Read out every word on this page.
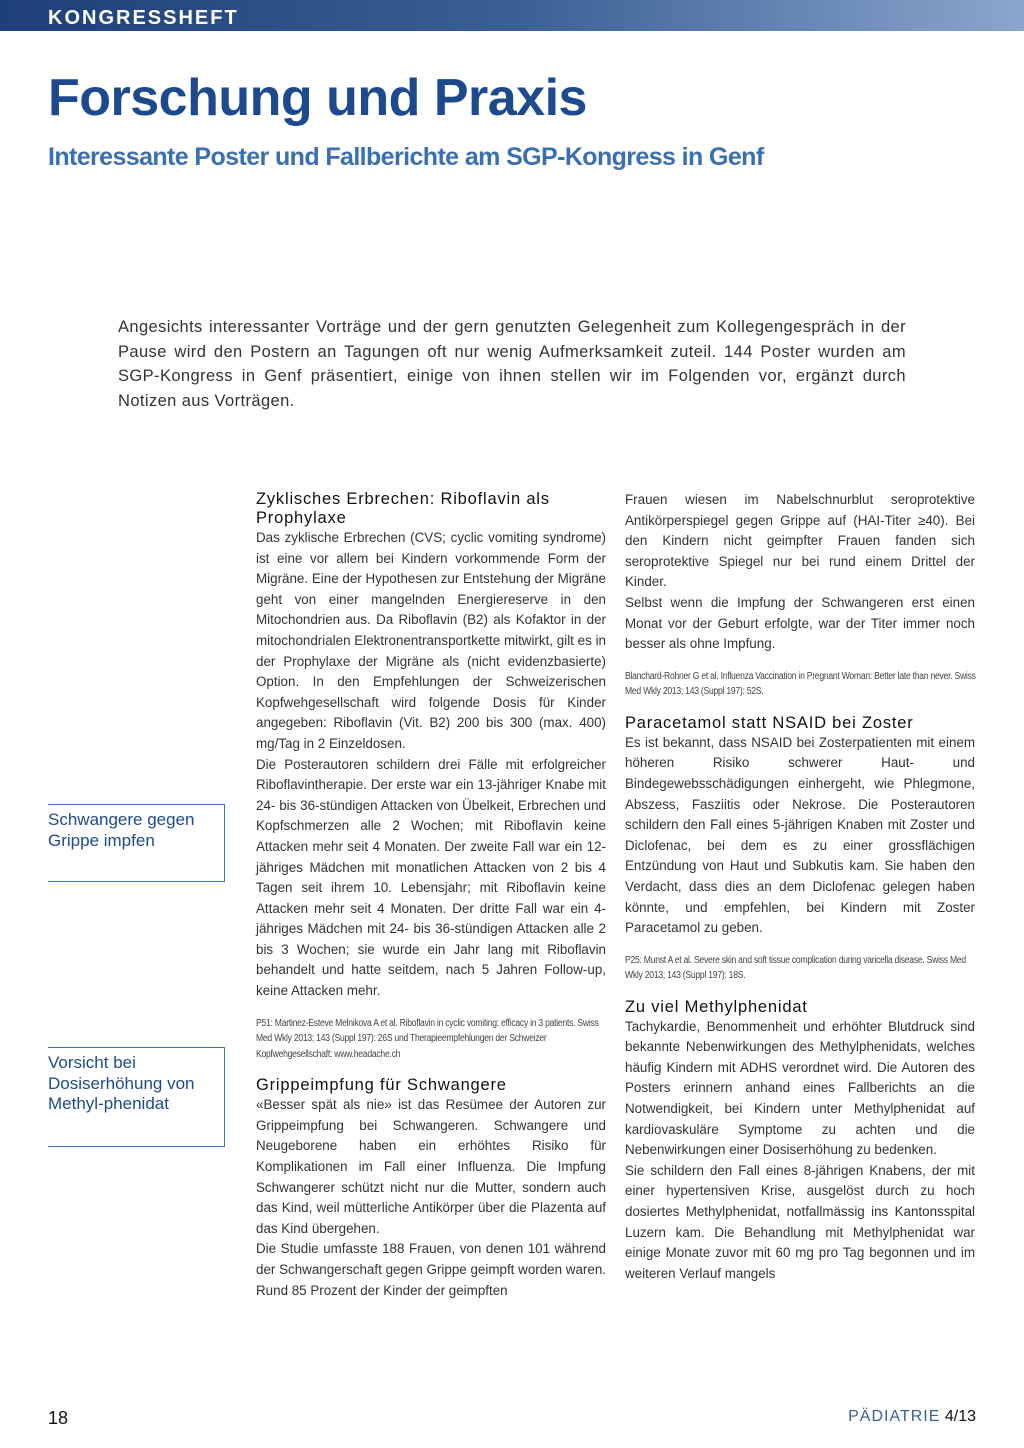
KONGRESSHEFT
Forschung und Praxis
Interessante Poster und Fallberichte am SGP-Kongress in Genf

Angesichts interessanter Vorträge und der gern genutzten Gelegenheit zum Kollegengespräch in der Pause wird den Postern an Tagungen oft nur wenig Aufmerksamkeit zuteil. 144 Poster wurden am SGP-Kongress in Genf präsentiert, einige von ihnen stellen wir im Folgenden vor, ergänzt durch Notizen aus Vorträgen.

Schwangere gegen Grippe impfen

Vorsicht bei Dosiserhöhung von Methyl-phenidat

Zyklisches Erbrechen: Riboflavin als Prophylaxe

Das zyklische Erbrechen (CVS; cyclic vomiting syndrome) ist eine vor allem bei Kindern vorkommende Form der Migräne. Eine der Hypothesen zur Entstehung der Migräne geht von einer mangelnden Energiereserve in den Mitochondrien aus. Da Riboflavin (B2) als Kofaktor in der mitochondrialen Elektronentransportkette mitwirkt, gilt es in der Prophylaxe der Migräne als (nicht evidenzbasierte) Option. In den Empfehlungen der Schweizerischen Kopfwehgesellschaft wird folgende Dosis für Kinder angegeben: Riboflavin (Vit. B2) 200 bis 300 (max. 400) mg/Tag in 2 Einzeldosen.

Die Posterautoren schildern drei Fälle mit erfolgreicher Riboflavintherapie. Der erste war ein 13-jähriger Knabe mit 24- bis 36-stündigen Attacken von Übelkeit, Erbrechen und Kopfschmerzen alle 2 Wochen; mit Riboflavin keine Attacken mehr seit 4 Monaten. Der zweite Fall war ein 12-jähriges Mädchen mit monatlichen Attacken von 2 bis 4 Tagen seit ihrem 10. Lebensjahr; mit Riboflavin keine Attacken mehr seit 4 Monaten. Der dritte Fall war ein 4-jähriges Mädchen mit 24- bis 36-stündigen Attacken alle 2 bis 3 Wochen; sie wurde ein Jahr lang mit Riboflavin behandelt und hatte seitdem, nach 5 Jahren Follow-up, keine Attacken mehr.

P51: Martinez-Esteve Melnikova A et al. Riboflavin in cyclic vomiting: efficacy in 3 patients. Swiss Med Wkly 2013; 143 (Suppl 197): 26S und Therapieempfehlungen der Schweizer Kopfwehgesellschaft: www.headache.ch

Grippeimpfung für Schwangere

«Besser spät als nie» ist das Resümee der Autoren zur Grippeimpfung bei Schwangeren. Schwangere und Neugeborene haben ein erhöhtes Risiko für Komplikationen im Fall einer Influenza. Die Impfung Schwangerer schützt nicht nur die Mutter, sondern auch das Kind, weil mütterliche Antikörper über die Plazenta auf das Kind übergehen.

Die Studie umfasste 188 Frauen, von denen 101 während der Schwangerschaft gegen Grippe geimpft worden waren. Rund 85 Prozent der Kinder der geimpften

Frauen wiesen im Nabelschnurblut seroprotektive Antikörperspiegel gegen Grippe auf (HAI-Titer ≥40). Bei den Kindern nicht geimpfter Frauen fanden sich seroprotektive Spiegel nur bei rund einem Drittel der Kinder.

Selbst wenn die Impfung der Schwangeren erst einen Monat vor der Geburt erfolgte, war der Titer immer noch besser als ohne Impfung.

Blanchard-Rohner G et al. Influenza Vaccination in Pregnant Woman: Better late than never. Swiss Med Wkly 2013; 143 (Suppl 197): 52S.

Paracetamol statt NSAID bei Zoster

Es ist bekannt, dass NSAID bei Zosterpatienten mit einem höheren Risiko schwerer Haut- und Bindegewebsschädigungen einhergeht, wie Phlegmone, Abszess, Fasziitis oder Nekrose. Die Posterautoren schildern den Fall eines 5-jährigen Knaben mit Zoster und Diclofenac, bei dem es zu einer grossflächigen Entzündung von Haut und Subkutis kam. Sie haben den Verdacht, dass dies an dem Diclofenac gelegen haben könnte, und empfehlen, bei Kindern mit Zoster Paracetamol zu geben.

P25: Munst A et al. Severe skin and soft tissue complication during varicella disease. Swiss Med Wkly 2013; 143 (Suppl 197): 18S.

Zu viel Methylphenidat

Tachykardie, Benommenheit und erhöhter Blutdruck sind bekannte Nebenwirkungen des Methylphenidats, welches häufig Kindern mit ADHS verordnet wird. Die Autoren des Posters erinnern anhand eines Fallberichts an die Notwendigkeit, bei Kindern unter Methylphenidat auf kardiovaskuläre Symptome zu achten und die Nebenwirkungen einer Dosiserhöhung zu bedenken.

Sie schildern den Fall eines 8-jährigen Knabens, der mit einer hypertensiven Krise, ausgelöst durch zu hoch dosiertes Methylphenidat, notfallmässig ins Kantonsspital Luzern kam. Die Behandlung mit Methylphenidat war einige Monate zuvor mit 60 mg pro Tag begonnen und im weiteren Verlauf mangels

18	PÄDIATRIE 4/13
